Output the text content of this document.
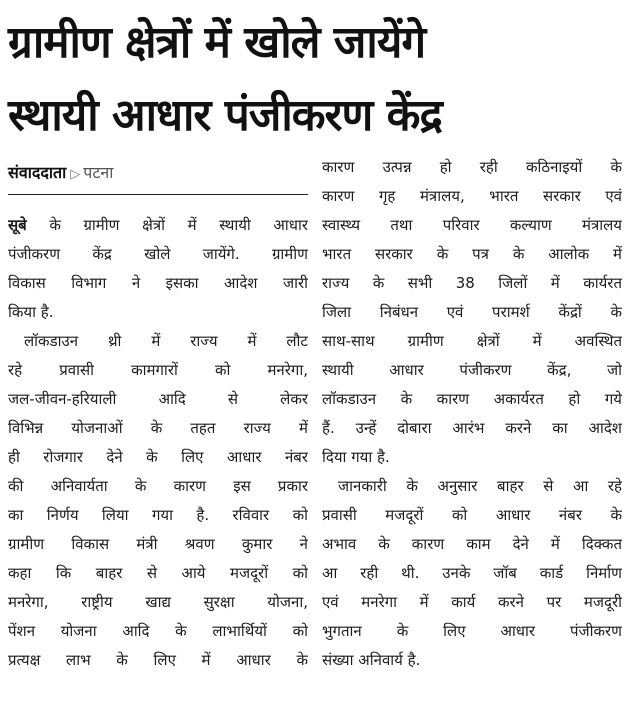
ग्रामीण क्षेत्रों में खोले जायेंगे
स्थायी आधार पंजीकरण केंद्र
संवाददाता ▷ पटना
सूबे के ग्रामीण क्षेत्रों में स्थायी आधार
पंजीकरण केंद्र खोले जायेंगे. ग्रामीण
विकास विभाग ने इसका आदेश जारी
किया है.
लॉकडाउन थ्री में राज्य में लौट
रहे प्रवासी कामगारों को मनरेगा,
जल-जीवन-हरियाली आदि से लेकर
विभिन्न योजनाओं के तहत राज्य में
ही रोजगार देने के लिए आधार नंबर
की अनिवार्यता के कारण इस प्रकार
का निर्णय लिया गया है. रविवार को
ग्रामीण विकास मंत्री श्रवण कुमार ने
कहा कि बाहर से आये मजदूरों को
मनरेगा, राष्ट्रीय खाद्य सुरक्षा योजना,
पेंशन योजना आदि के लाभार्थियों को
प्रत्यक्ष लाभ के लिए में आधार के
कारण उत्पन्न हो रही कठिनाइयों के
कारण गृह मंत्रालय, भारत सरकार एवं
स्वास्थ्य तथा परिवार कल्याण मंत्रालय
भारत सरकार के पत्र के आलोक में
राज्य के सभी 38 जिलों में कार्यरत
जिला निबंधन एवं परामर्श केंद्रों के
साथ-साथ ग्रामीण क्षेत्रों में अवस्थित
स्थायी आधार पंजीकरण केंद्र, जो
लॉकडाउन के कारण अकार्यरत हो गये
हैं. उन्हें दोबारा आरंभ करने का आदेश
दिया गया है.
जानकारी के अनुसार बाहर से आ रहे
प्रवासी मजदूरों को आधार नंबर के
अभाव के कारण काम देने में दिक्कत
आ रही थी. उनके जॉब कार्ड निर्माण
एवं मनरेगा में कार्य करने पर मजदूरी
भुगतान के लिए आधार पंजीकरण
संख्या अनिवार्य है.
